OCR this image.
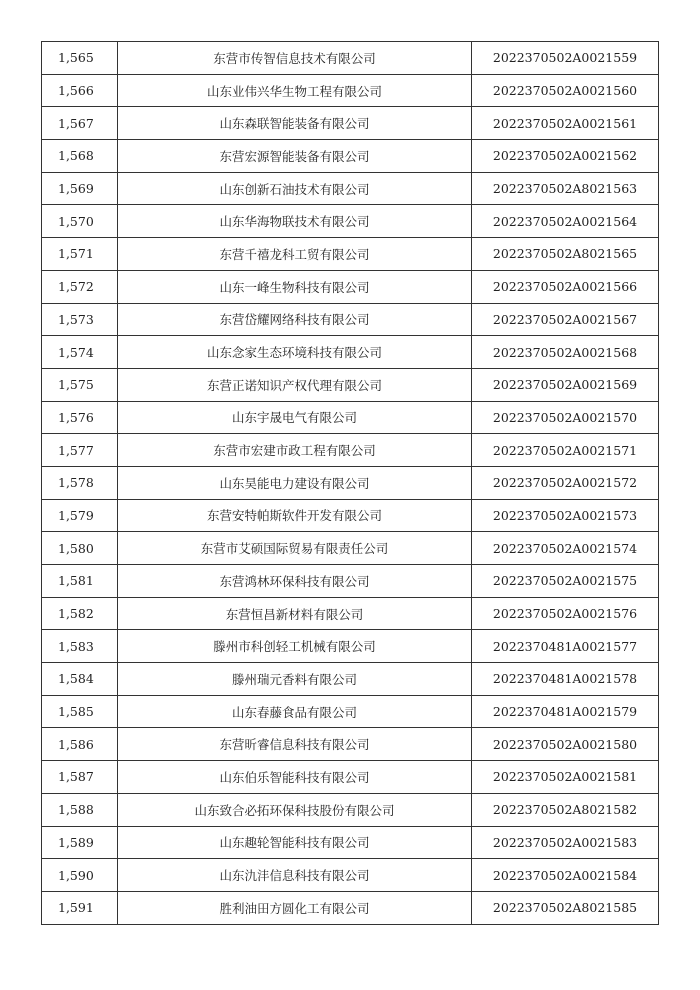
1,565	东营市传智信息技术有限公司	2022370502A0021559
1,566	山东业伟兴华生物工程有限公司	2022370502A0021560
1,567	山东森联智能装备有限公司	2022370502A0021561
1,568	东营宏源智能装备有限公司	2022370502A0021562
1,569	山东创新石油技术有限公司	2022370502A8021563
1,570	山东华海物联技术有限公司	2022370502A0021564
1,571	东营千禧龙科工贸有限公司	2022370502A8021565
1,572	山东一峰生物科技有限公司	2022370502A0021566
1,573	东营岱耀网络科技有限公司	2022370502A0021567
1,574	山东念家生态环境科技有限公司	2022370502A0021568
1,575	东营正诺知识产权代理有限公司	2022370502A0021569
1,576	山东宇晟电气有限公司	2022370502A0021570
1,577	东营市宏建市政工程有限公司	2022370502A0021571
1,578	山东昊能电力建设有限公司	2022370502A0021572
1,579	东营安特帕斯软件开发有限公司	2022370502A0021573
1,580	东营市艾硕国际贸易有限责任公司	2022370502A0021574
1,581	东营鸿林环保科技有限公司	2022370502A0021575
1,582	东营恒昌新材料有限公司	2022370502A0021576
1,583	滕州市科创轻工机械有限公司	2022370481A0021577
1,584	滕州瑞元香料有限公司	2022370481A0021578
1,585	山东春藤食品有限公司	2022370481A0021579
1,586	东营昕睿信息科技有限公司	2022370502A0021580
1,587	山东伯乐智能科技有限公司	2022370502A0021581
1,588	山东致合必拓环保科技股份有限公司	2022370502A8021582
1,589	山东趣轮智能科技有限公司	2022370502A0021583
1,590	山东氿沣信息科技有限公司	2022370502A0021584
1,591	胜利油田方圆化工有限公司	2022370502A8021585
